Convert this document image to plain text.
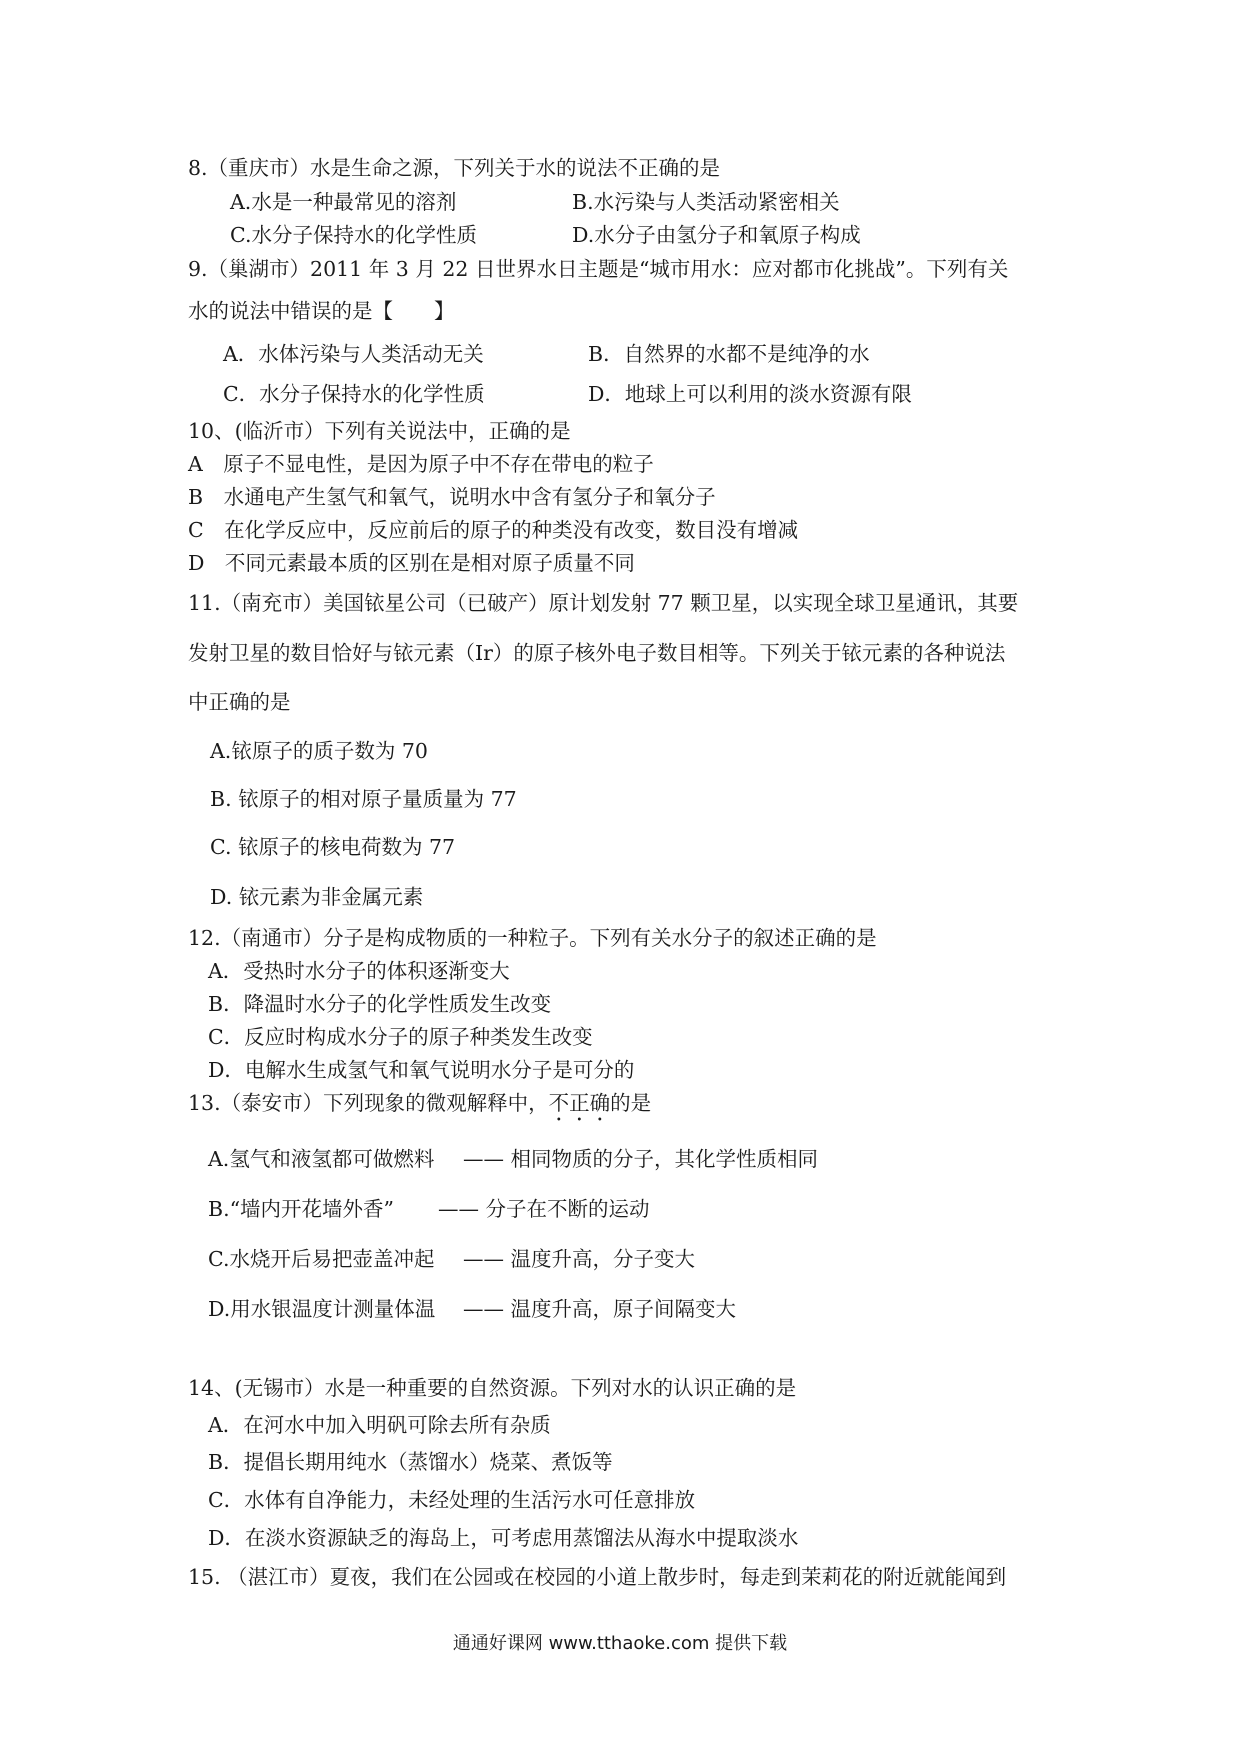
8.（重庆市）水是生命之源，下列关于水的说法不正确的是
A.水是一种最常见的溶剂	B.水污染与人类活动紧密相关
C.水分子保持水的化学性质	D.水分子由氢分子和氧原子构成
9.（巢湖市）2011 年 3 月 22 日世界水日主题是“城市用水：应对都市化挑战”。下列有关
水的说法中错误的是【　　】
A．水体污染与人类活动无关	B．自然界的水都不是纯净的水
C．水分子保持水的化学性质	D．地球上可以利用的淡水资源有限
10、(临沂市）下列有关说法中，正确的是
A　原子不显电性，是因为原子中不存在带电的粒子
B　水通电产生氢气和氧气，说明水中含有氢分子和氧分子
C　在化学反应中，反应前后的原子的种类没有改变，数目没有增减
D　不同元素最本质的区别在是相对原子质量不同
11.（南充市）美国铱星公司（已破产）原计划发射 77 颗卫星，以实现全球卫星通讯，其要
发射卫星的数目恰好与铱元素（Ir）的原子核外电子数目相等。下列关于铱元素的各种说法
中正确的是
A.铱原子的质子数为 70
B. 铱原子的相对原子量质量为 77
C. 铱原子的核电荷数为 77
D. 铱元素为非金属元素
12.（南通市）分子是构成物质的一种粒子。下列有关水分子的叙述正确的是
A．受热时水分子的体积逐渐变大
B．降温时水分子的化学性质发生改变
C．反应时构成水分子的原子种类发生改变
D．电解水生成氢气和氧气说明水分子是可分的
13.（泰安市）下列现象的微观解释中，不正确的是
A.氢气和液氢都可做燃料 —— 相同物质的分子，其化学性质相同
B.“墙内开花墙外香” —— 分子在不断的运动
C.水烧开后易把壶盖冲起 —— 温度升高，分子变大
D.用水银温度计测量体温 —— 温度升高，原子间隔变大
14、(无锡市）水是一种重要的自然资源。下列对水的认识正确的是
A．在河水中加入明矾可除去所有杂质
B．提倡长期用纯水（蒸馏水）烧菜、煮饭等
C．水体有自净能力，未经处理的生活污水可任意排放
D．在淡水资源缺乏的海岛上，可考虑用蒸馏法从海水中提取淡水
15. （湛江市）夏夜，我们在公园或在校园的小道上散步时，每走到茉莉花的附近就能闻到
通通好课网 www.tthaoke.com 提供下载
